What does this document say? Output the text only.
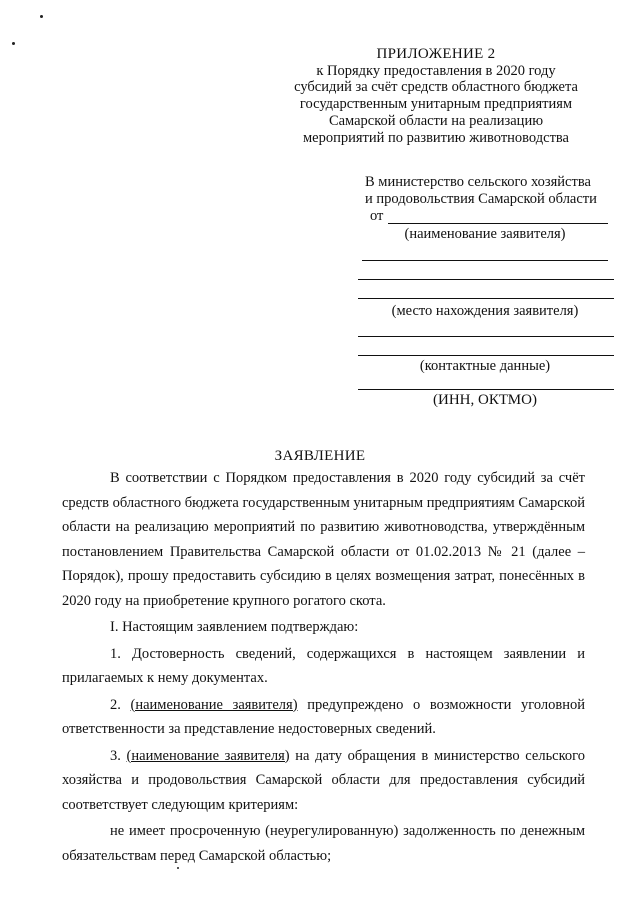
ПРИЛОЖЕНИЕ 2
к Порядку предоставления в 2020 году
субсидий за счёт средств областного бюджета
государственным унитарным предприятиям
Самарской области на реализацию
мероприятий по развитию животноводства
В министерство сельского хозяйства
и продовольствия Самарской области
от
(наименование заявителя)
(место нахождения заявителя)
(контактные данные)
(ИНН, ОКТМО)
ЗАЯВЛЕНИЕ

В соответствии с Порядком предоставления в 2020 году субсидий за счёт средств областного бюджета государственным унитарным предприятиям Самарской области на реализацию мероприятий по развитию животноводства, утверждённым постановлением Правительства Самарской области от 01.02.2013 № 21 (далее – Порядок), прошу предоставить субсидию в целях возмещения затрат, понесённых в 2020 году на приобретение крупного рогатого скота.

I. Настоящим заявлением подтверждаю:

1. Достоверность сведений, содержащихся в настоящем заявлении и прилагаемых к нему документах.

2. (наименование заявителя) предупреждено о возможности уголовной ответственности за представление недостоверных сведений.

3. (наименование заявителя) на дату обращения в министерство сельского хозяйства и продовольствия Самарской области для предоставления субсидий соответствует следующим критериям:

не имеет просроченную (неурегулированную) задолженность по денежным обязательствам перед Самарской областью;
